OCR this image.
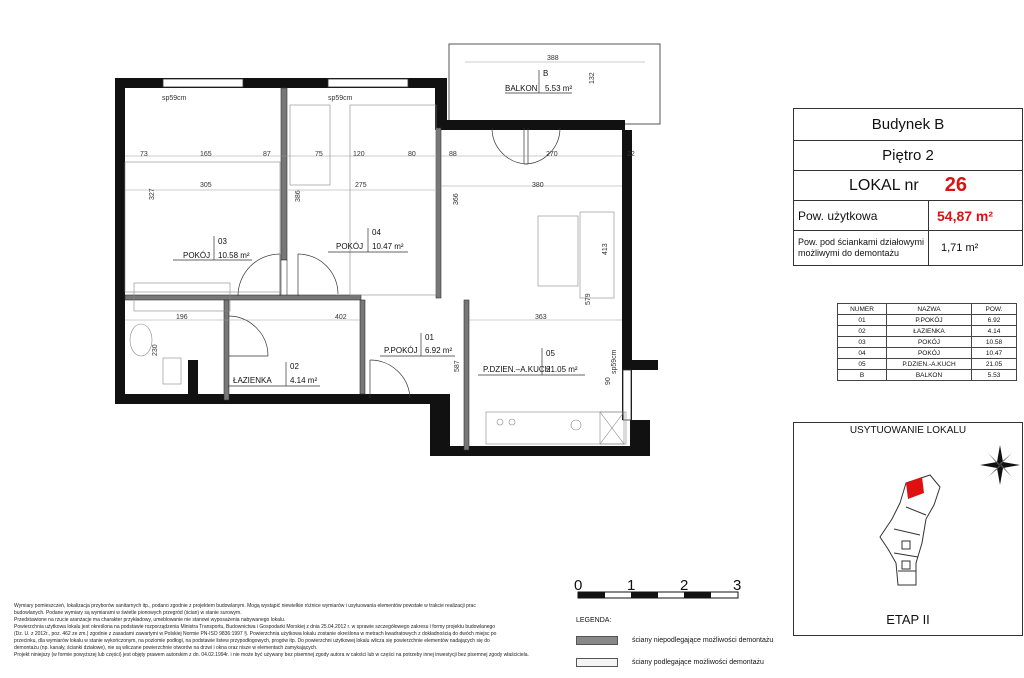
B
BALKON 5.53 m²
sp59cm	sp59cm
sp59cm
388
132
73	165	87	75	120	80	88	270	22
327
305	275	380
386	366
413
196	402	363
579
230
587
90
03
POKÓJ 10.58 m²
04
POKÓJ 10.47 m²
01
P.POKÓJ 6.92 m²
02
ŁAZIENKA 4.14 m²
05
P.DZIEN.–A.KUCH
21.05 m²
Budynek B
Piętro 2
LOKAL nr 26
Pow. użytkowa	54,87 m²
Pow. pod ściankami działowymi możliwymi do demontażu	1,71 m²
NUMER	NAZWA	POW.
01	P.POKÓJ	6.92
02	ŁAZIENKA	4.14
03	POKÓJ	10.58
04	POKÓJ	10.47
05	P.DZIEN.-A.KUCH	21.05
B	BALKON	5.53
USYTUOWANIE LOKALU
ETAP II
0	1	2	3
LEGENDA:
ściany niepodlegające możliwości demontażu
ściany podlegające możliwości demontażu
Wymiary pomieszczeń, lokalizacja przyborów sanitarnych itp., podano zgodnie z projektem budowlanym. Mogą wystąpić niewielkie różnice wymiarów i usytuowania elementów powstałe w trakcie realizacji prac
budowlanych. Podane wymiary są wymiarami w świetle pionowych przegród (ścian) w stanie surowym.
Przedstawione na rzucie aranżacje ma charakter przykładowy, umeblowanie nie stanowi wyposażenia nabywanego lokalu.
Powierzchnia użytkowa lokalu jest określona na podstawie rozporządzenia Ministra Transportu, Budownictwa i Gospodarki Morskiej z dnia 25.04.2012 r. w sprawie szczegółowego zakresu i formy projektu budowlanego
(Dz. U. z 2012r., poz. 462 ze zm.) zgodnie z zasadami zawartymi w Polskiej Normie PN-ISO 9836:1997 §. Powierzchnia użytkowa lokalu zostanie określona w metrach kwadratowych z dokładnością do dwóch miejsc po
przecinku, dla wymiarów lokalu w stanie wykończonym, na poziomie podłogi, na podstawie listew przypodłogowych, progów itp. Do powierzchni użytkowej lokalu wlicza się powierzchnie elementów nadających się do
demontażu (np. kanały, ścianki działowe), nie są wliczane powierzchnie otworów na drzwi i okna oraz nisze w elementach zamykających.
Projekt niniejszy (w formie powyższej lub części) jest objęty prawem autorskim z dn. 04.02.1994r. i nie może być używany bez pisemnej zgody autora w całości lub w części na potrzeby innej inwestycji bez pisemnej zgody właściciela.
